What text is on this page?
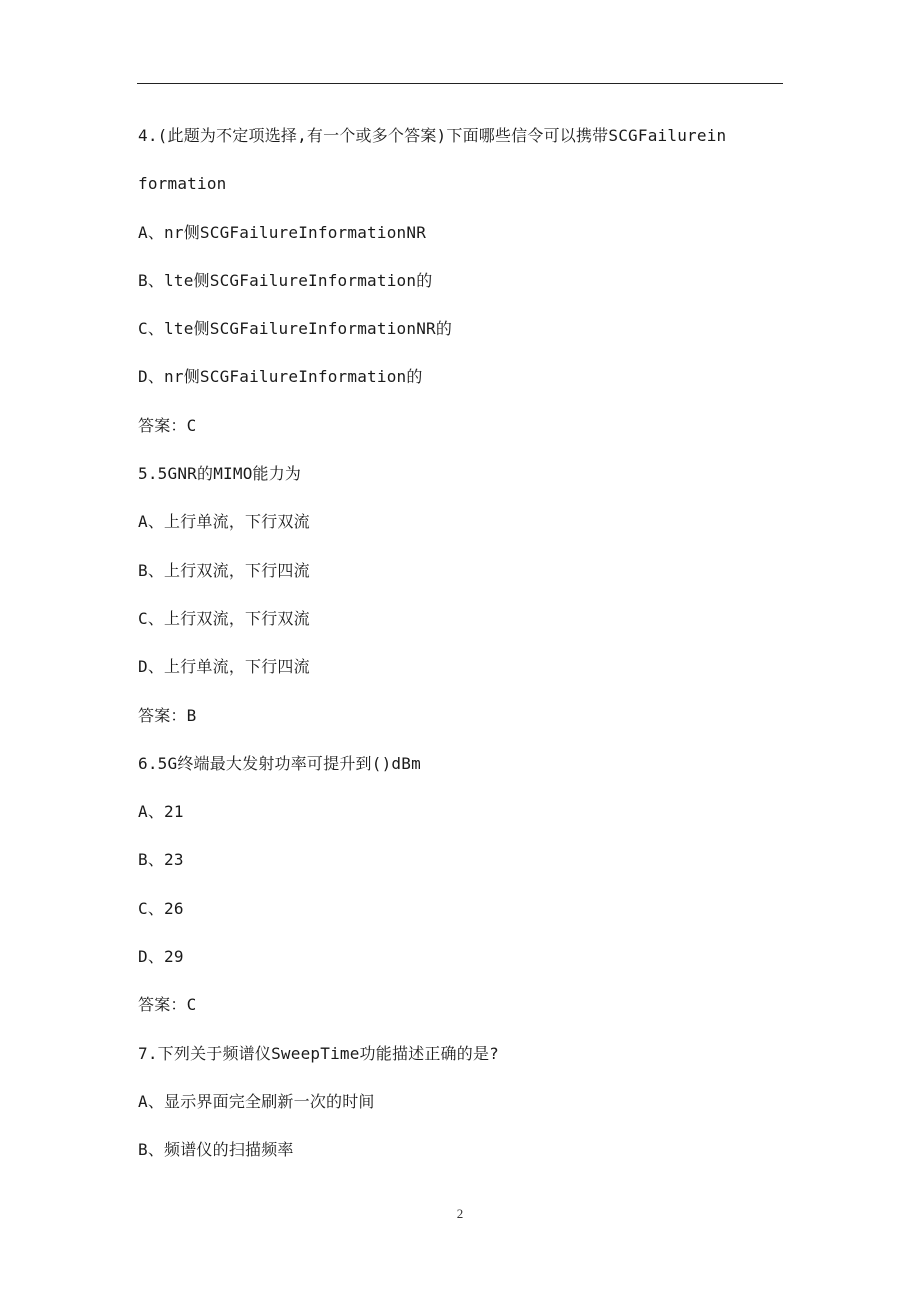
4.(此题为不定项选择,有一个或多个答案)下面哪些信令可以携带SCGFailurein
formation
A、nr侧SCGFailureInformationNR
B、lte侧SCGFailureInformation的
C、lte侧SCGFailureInformationNR的
D、nr侧SCGFailureInformation的
答案：C
5.5GNR的MIMO能力为
A、上行单流，下行双流
B、上行双流，下行四流
C、上行双流，下行双流
D、上行单流，下行四流
答案：B
6.5G终端最大发射功率可提升到()dBm
A、21
B、23
C、26
D、29
答案：C
7.下列关于频谱仪SweepTime功能描述正确的是?
A、显示界面完全刷新一次的时间
B、频谱仪的扫描频率
2
